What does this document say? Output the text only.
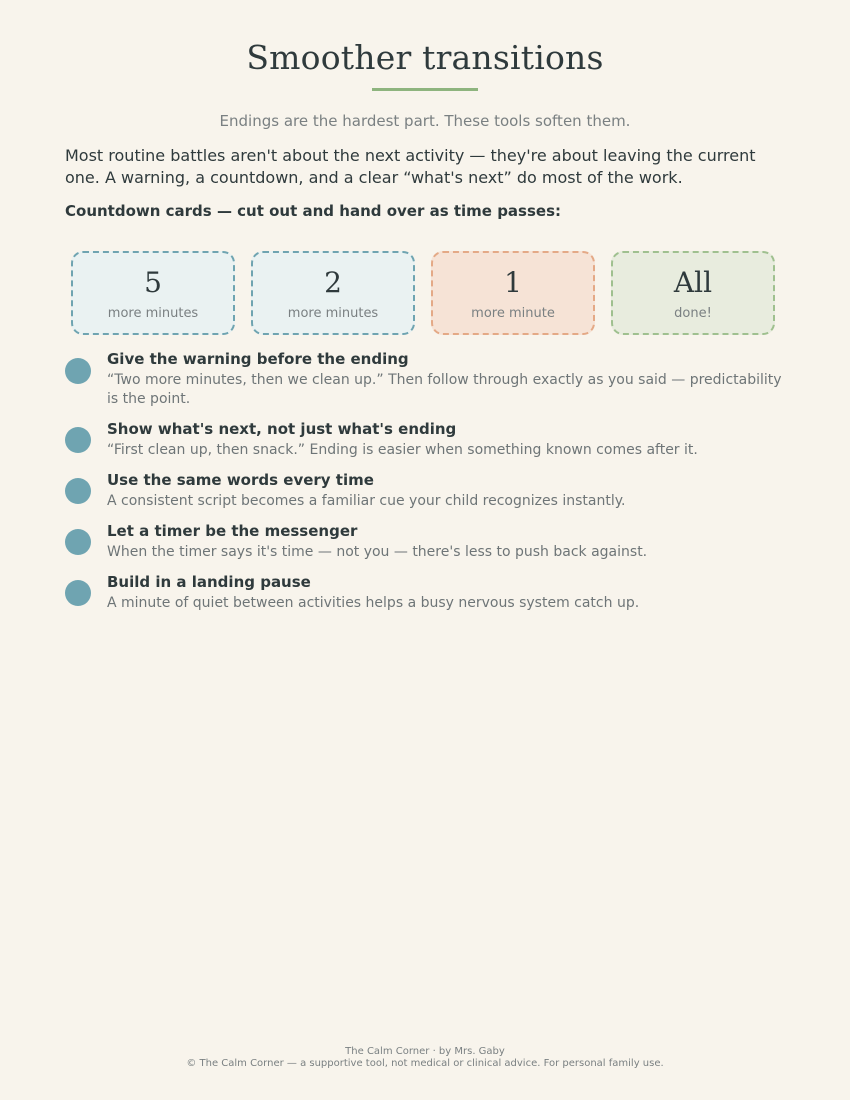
Smoother transitions
Endings are the hardest part. These tools soften them.
Most routine battles aren't about the next activity — they're about leaving the current one. A warning, a countdown, and a clear “what's next” do most of the work.
Countdown cards — cut out and hand over as time passes:
5
more minutes
2
more minutes
1
more minute
All
done!
Give the warning before the ending
“Two more minutes, then we clean up.” Then follow through exactly as you said — predictability is the point.
Show what's next, not just what's ending
“First clean up, then snack.” Ending is easier when something known comes after it.
Use the same words every time
A consistent script becomes a familiar cue your child recognizes instantly.
Let a timer be the messenger
When the timer says it's time — not you — there's less to push back against.
Build in a landing pause
A minute of quiet between activities helps a busy nervous system catch up.
The Calm Corner · by Mrs. Gaby
© The Calm Corner — a supportive tool, not medical or clinical advice. For personal family use.
